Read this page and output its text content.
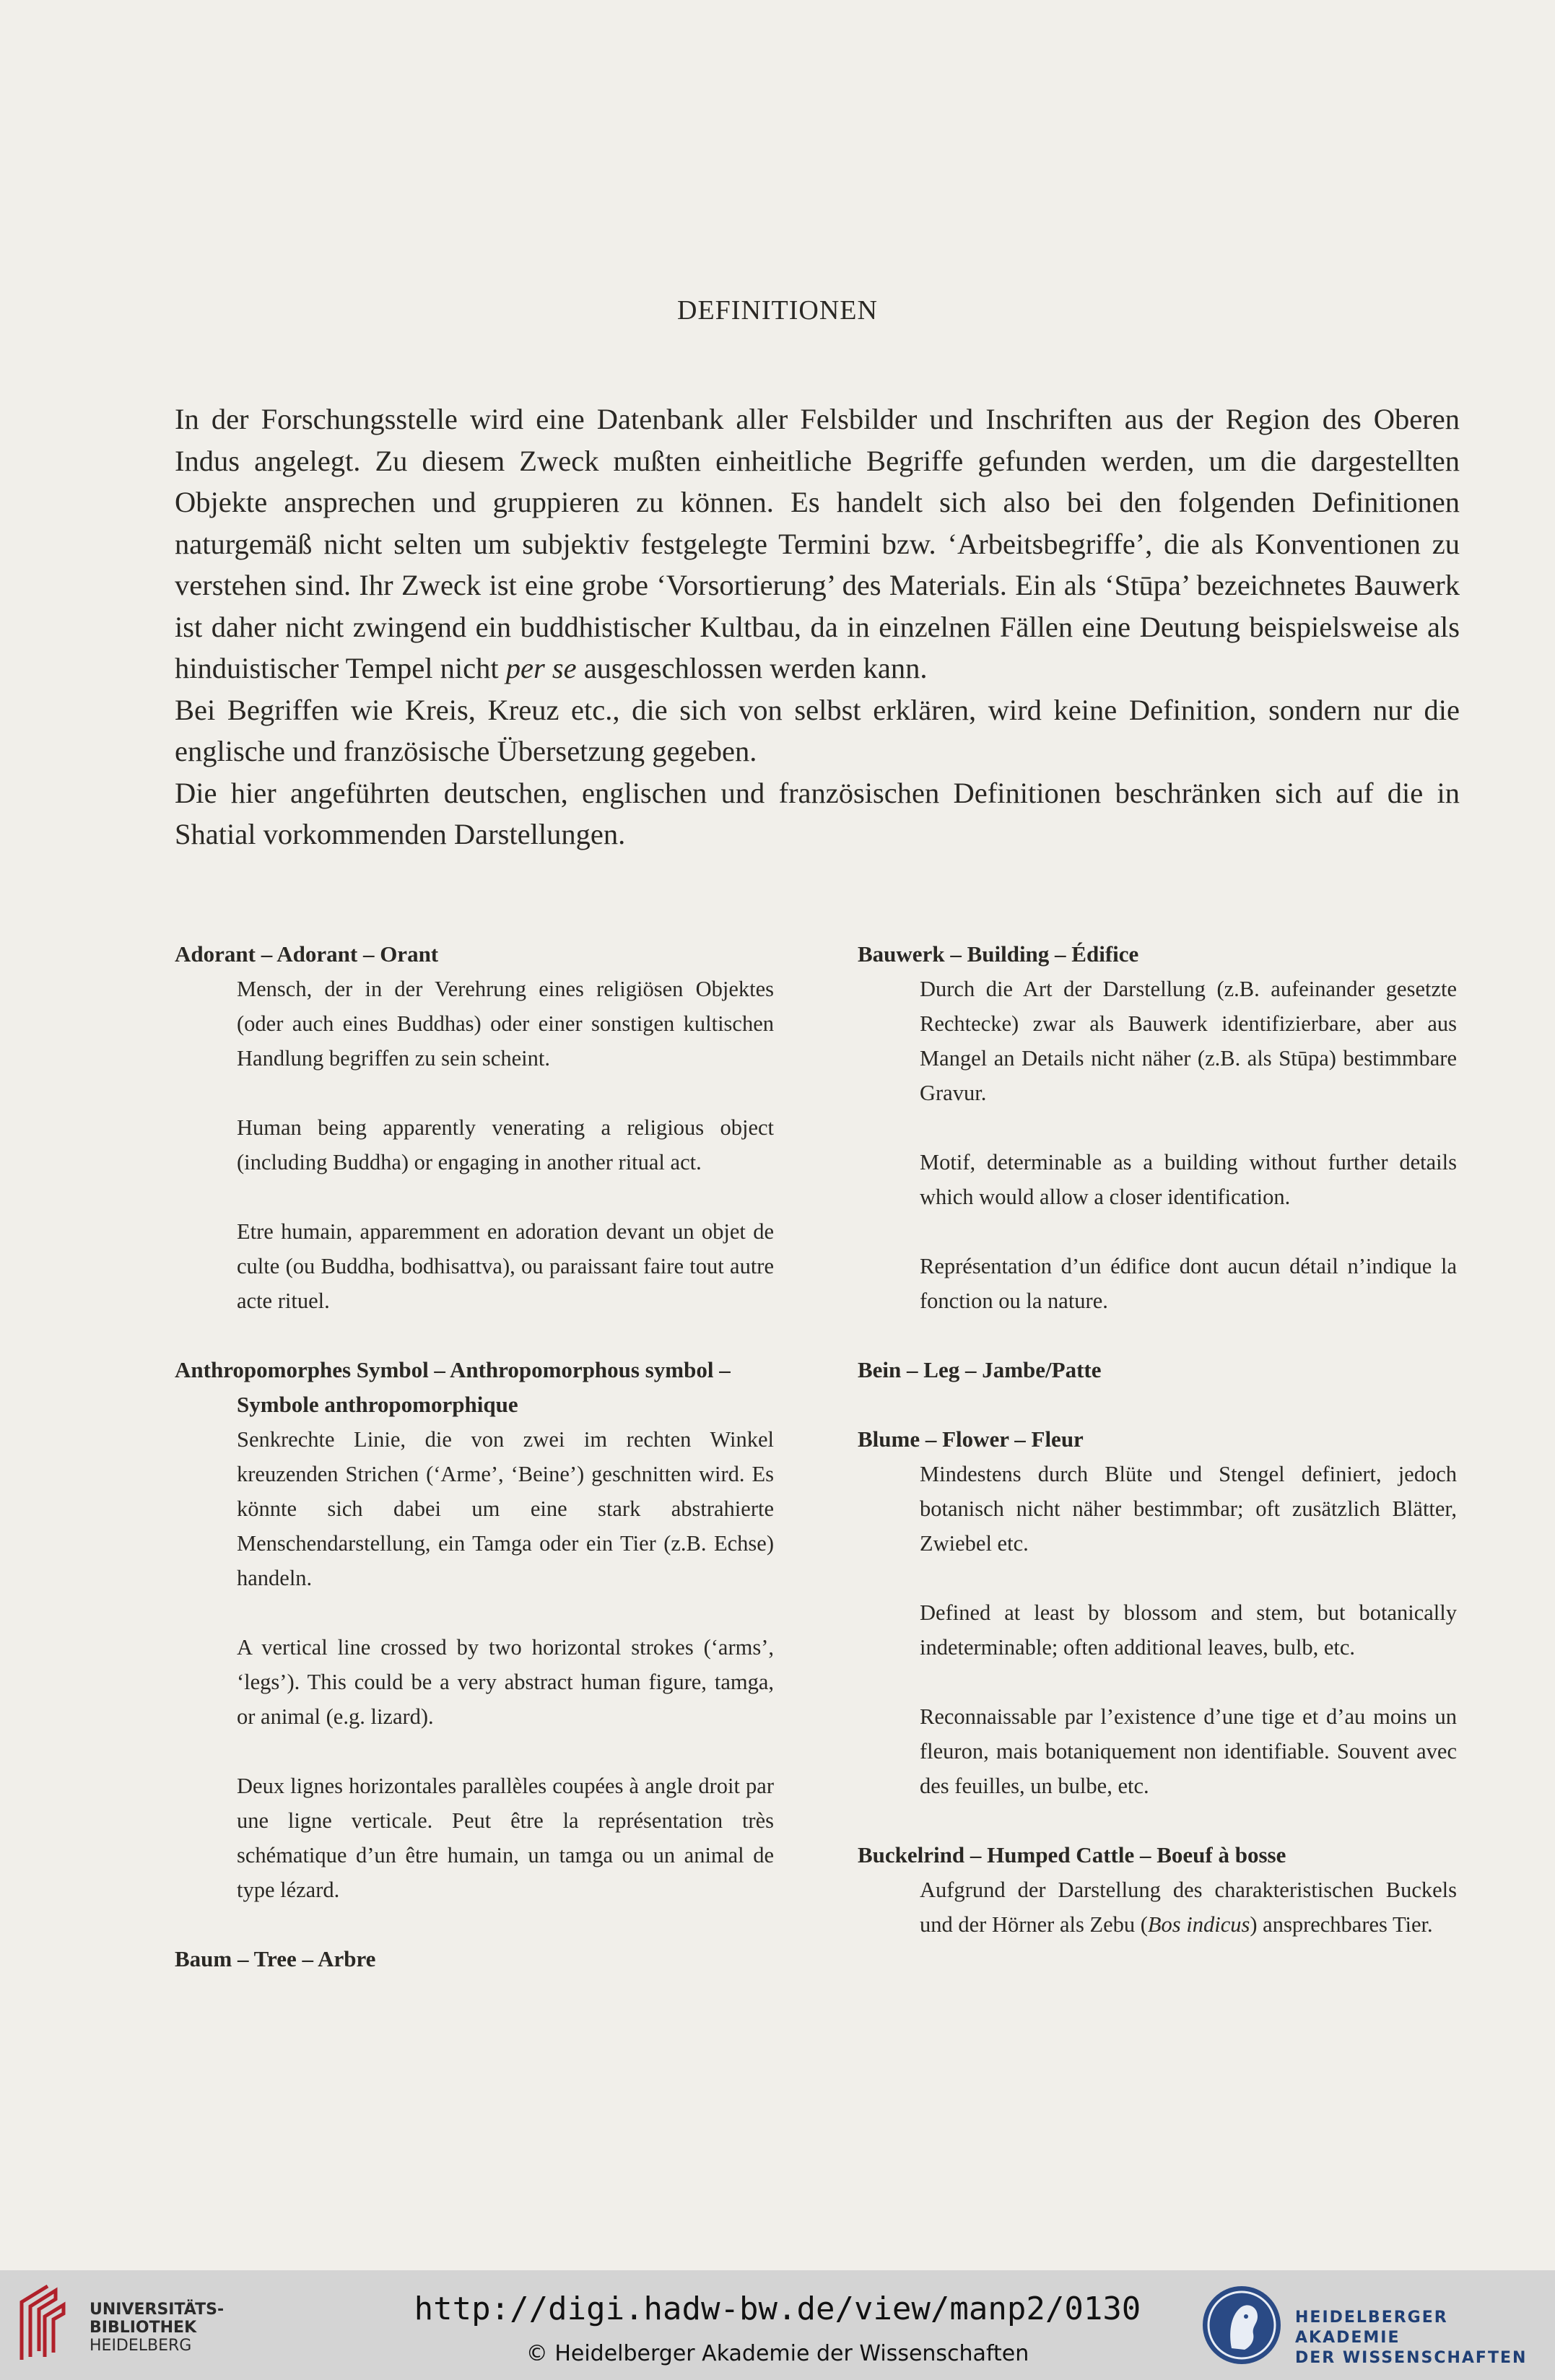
DEFINITIONEN

In der Forschungsstelle wird eine Datenbank aller Felsbilder und Inschriften aus der Region des Oberen Indus angelegt. Zu diesem Zweck mußten einheitliche Begriffe gefunden werden, um die dargestellten Objekte ansprechen und gruppieren zu können. Es handelt sich also bei den folgenden Definitionen naturgemäß nicht selten um subjektiv festgelegte Termini bzw. ‘Arbeitsbegriffe’, die als Konventionen zu verstehen sind. Ihr Zweck ist eine grobe ‘Vorsortierung’ des Materials. Ein als ‘Stūpa’ bezeichnetes Bauwerk ist daher nicht zwingend ein buddhistischer Kultbau, da in einzelnen Fällen eine Deutung beispielsweise als hinduistischer Tempel nicht per se ausgeschlossen werden kann.

Bei Begriffen wie Kreis, Kreuz etc., die sich von selbst erklären, wird keine Definition, sondern nur die englische und französische Übersetzung gegeben.

Die hier angeführten deutschen, englischen und französischen Definitionen beschränken sich auf die in Shatial vorkommenden Darstellungen.

Adorant – Adorant – Orant
Mensch, der in der Verehrung eines religiösen Objektes (oder auch eines Buddhas) oder einer sonstigen kultischen Handlung begriffen zu sein scheint.
Human being apparently venerating a religious object (including Buddha) or engaging in another ritual act.
Etre humain, apparemment en adoration devant un objet de culte (ou Buddha, bodhisattva), ou paraissant faire tout autre acte rituel.
Anthropomorphes Symbol – Anthropomorphous symbol –
Symbole anthropomorphique
Senkrechte Linie, die von zwei im rechten Winkel kreuzenden Strichen (‘Arme’, ‘Beine’) geschnitten wird. Es könnte sich dabei um eine stark abstrahierte Menschendarstellung, ein Tamga oder ein Tier (z.B. Echse) handeln.
A vertical line crossed by two horizontal strokes (‘arms’, ‘legs’). This could be a very abstract human figure, tamga, or animal (e.g. lizard).
Deux lignes horizontales parallèles coupées à angle droit par une ligne verticale. Peut être la représentation très schématique d’un être humain, un tamga ou un animal de type lézard.
Baum – Tree – Arbre
Bauwerk – Building – Édifice
Durch die Art der Darstellung (z.B. aufeinander gesetzte Rechtecke) zwar als Bauwerk identifizierbare, aber aus Mangel an Details nicht näher (z.B. als Stūpa) bestimmbare Gravur.
Motif, determinable as a building without further details which would allow a closer identification.
Représentation d’un édifice dont aucun détail n’indique la fonction ou la nature.
Bein – Leg – Jambe/Patte
Blume – Flower – Fleur
Mindestens durch Blüte und Stengel definiert, jedoch botanisch nicht näher bestimmbar; oft zusätzlich Blätter, Zwiebel etc.
Defined at least by blossom and stem, but botanically indeterminable; often additional leaves, bulb, etc.
Reconnaissable par l’existence d’une tige et d’au moins un fleuron, mais botaniquement non identifiable. Souvent avec des feuilles, un bulbe, etc.
Buckelrind – Humped Cattle – Boeuf à bosse
Aufgrund der Darstellung des charakteristischen Buckels und der Hörner als Zebu (Bos indicus) ansprechbares Tier.
UNIVERSITÄTS-
BIBLIOTHEK
HEIDELBERG
http://digi.hadw-bw.de/view/manp2/0130
© Heidelberger Akademie der Wissenschaften
HEIDELBERGER AKADEMIE
DER WISSENSCHAFTEN
